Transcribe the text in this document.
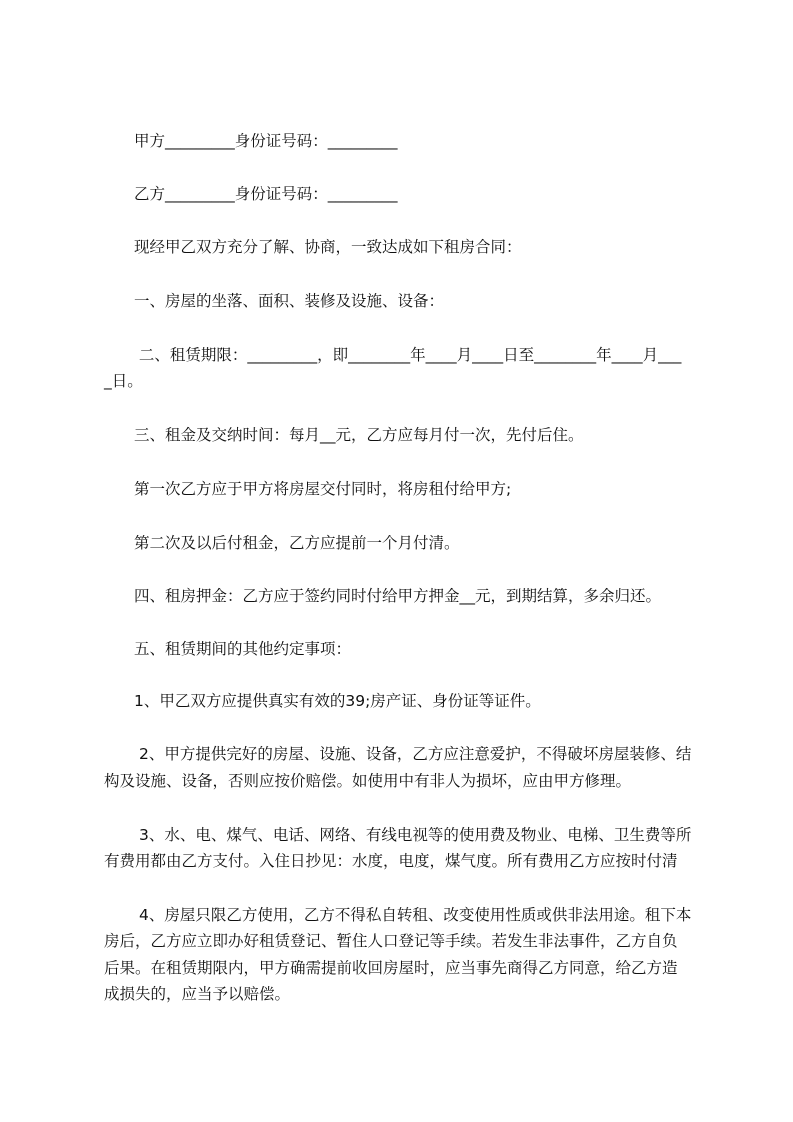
甲方_________身份证号码：_________

乙方_________身份证号码：_________

现经甲乙双方充分了解、协商，一致达成如下租房合同：

一、房屋的坐落、面积、装修及设施、设备：

二、租赁期限：_________，即________年____月____日至________年____月___

_日。

三、租金及交纳时间：每月__元，乙方应每月付一次，先付后住。

第一次乙方应于甲方将房屋交付同时，将房租付给甲方;

第二次及以后付租金，乙方应提前一个月付清。

四、租房押金：乙方应于签约同时付给甲方押金__元，到期结算，多余归还。

五、租赁期间的其他约定事项：

1、甲乙双方应提供真实有效的39;房产证、身份证等证件。

2、甲方提供完好的房屋、设施、设备，乙方应注意爱护，不得破坏房屋装修、结

构及设施、设备，否则应按价赔偿。如使用中有非人为损坏，应由甲方修理。

3、水、电、煤气、电话、网络、有线电视等的使用费及物业、电梯、卫生费等所

有费用都由乙方支付。入住日抄见：水度，电度，煤气度。所有费用乙方应按时付清

4、房屋只限乙方使用，乙方不得私自转租、改变使用性质或供非法用途。租下本

房后，乙方应立即办好租赁登记、暂住人口登记等手续。若发生非法事件，乙方自负

后果。在租赁期限内，甲方确需提前收回房屋时，应当事先商得乙方同意，给乙方造

成损失的，应当予以赔偿。
